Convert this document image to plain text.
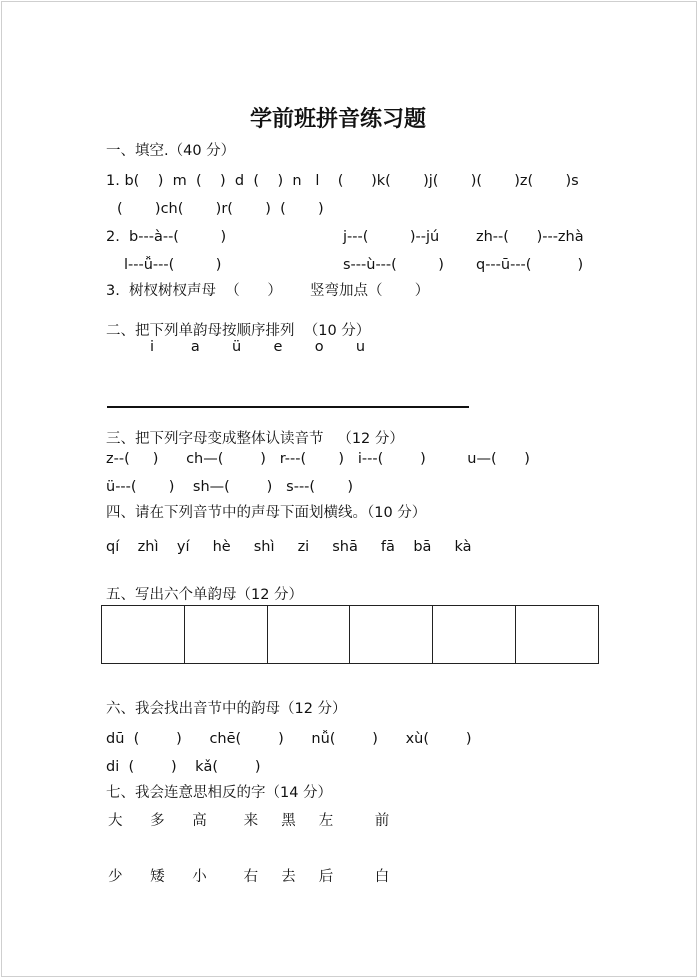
学前班拼音练习题
一、填空.（40 分）
1. b(    )  m  (    )  d  (    )  n   l    (      )k(       )j(       )(       )z(       )s
(       )ch(       )r(       )  (       )
2.  b---à--(         )	j---(         )--jú	zh--(      )---zhà
l---ǚ---(         )	s---ù---(         ) q---ū---(          )
3.  树杈树杈声母  （      ） 竖弯加点（       ）
二、把下列单韵母按顺序排列  （10 分）
i        a       ü       e       o       u
三、把下列字母变成整体认读音节   （12 分）
z--(     )      ch—(        )   r---(       )   i---(        )         u—(      )
ü---(       )    sh—(        )   s---(       )
四、请在下列音节中的声母下面划横线。（10 分）
qí    zhì    yí     hè     shì     zi     shā     fā    bā     kà
五、写出六个单韵母（12 分）
六、我会找出音节中的韵母（12 分）
dū  (        )      chē(        )      nǚ(        )      xù(        )
di  (        )    kǎ(        )
七、我会连意思相反的字（14 分）
大      多      高        来     黑     左         前
少      矮      小        右     去     后         白
